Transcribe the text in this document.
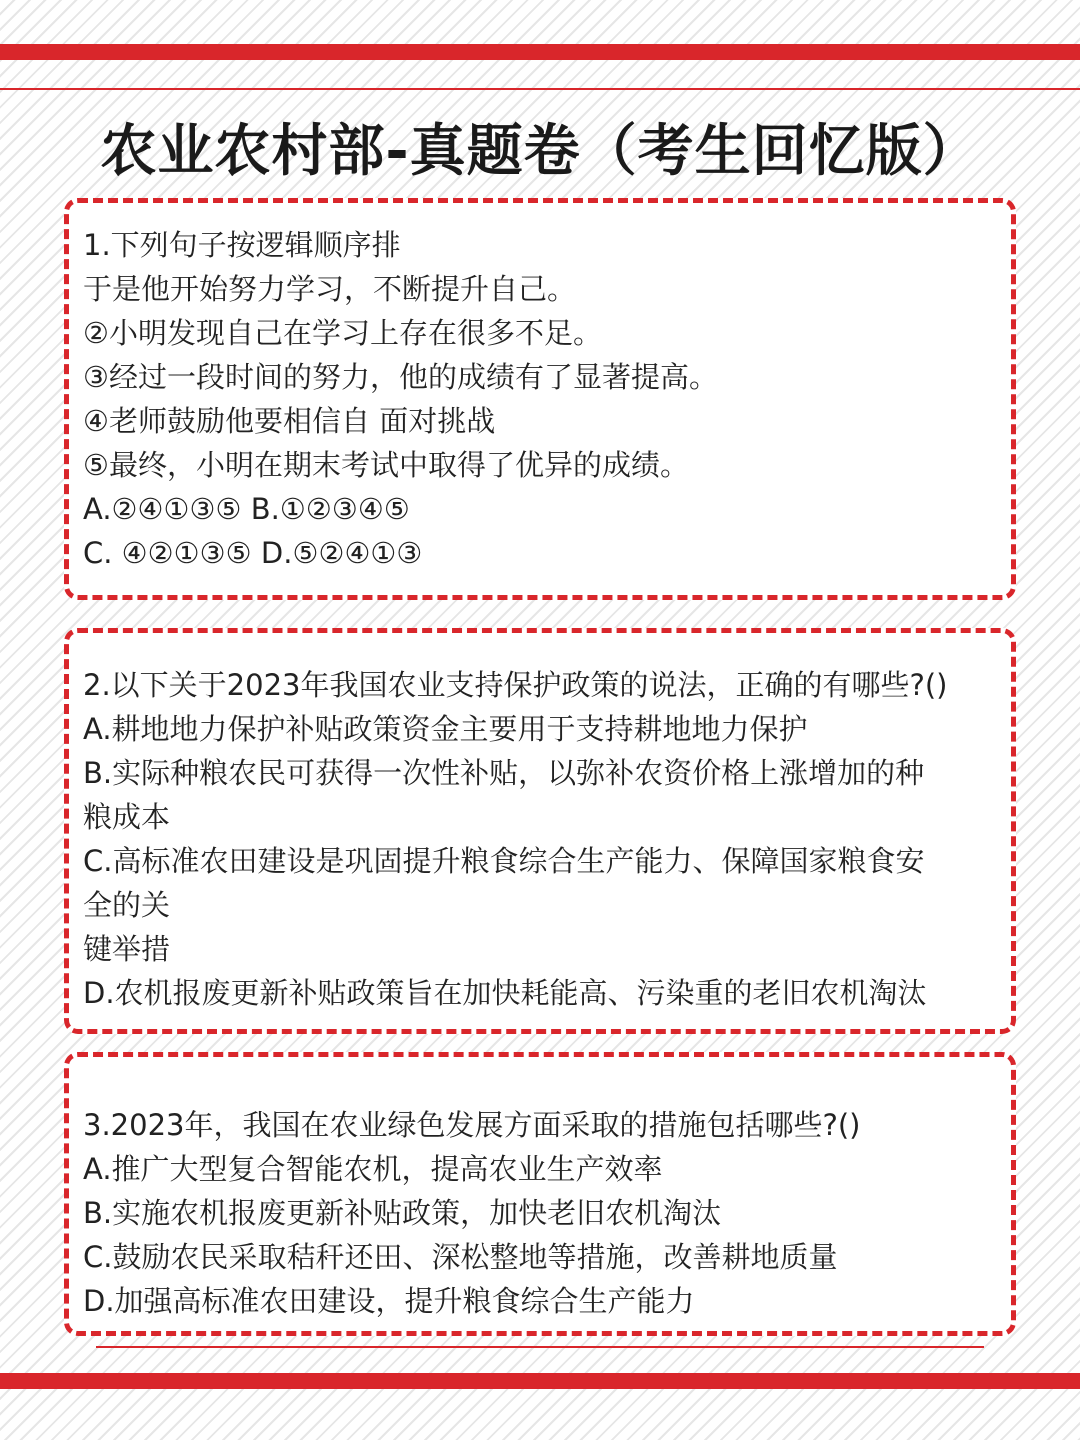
农业农村部-真题卷（考生回忆版）

1.下列句子按逻辑顺序排

于是他开始努力学习，不断提升自己。

②小明发现自己在学习上存在很多不足。

③经过一段时间的努力，他的成绩有了显著提高。

④老师鼓励他要相信自 面对挑战

⑤最终，小明在期末考试中取得了优异的成绩。

A.②④①③⑤ B.①②③④⑤

C. ④②①③⑤ D.⑤②④①③

2.以下关于2023年我国农业支持保护政策的说法，正确的有哪些?()

A.耕地地力保护补贴政策资金主要用于支持耕地地力保护

B.实际种粮农民可获得一次性补贴，以弥补农资价格上涨增加的种

粮成本

C.高标准农田建设是巩固提升粮食综合生产能力、保障国家粮食安

全的关

键举措

D.农机报废更新补贴政策旨在加快耗能高、污染重的老旧农机淘汰

3.2023年，我国在农业绿色发展方面采取的措施包括哪些?()

A.推广大型复合智能农机，提高农业生产效率

B.实施农机报废更新补贴政策，加快老旧农机淘汰

C.鼓励农民采取秸秆还田、深松整地等措施，改善耕地质量

D.加强高标准农田建设，提升粮食综合生产能力
